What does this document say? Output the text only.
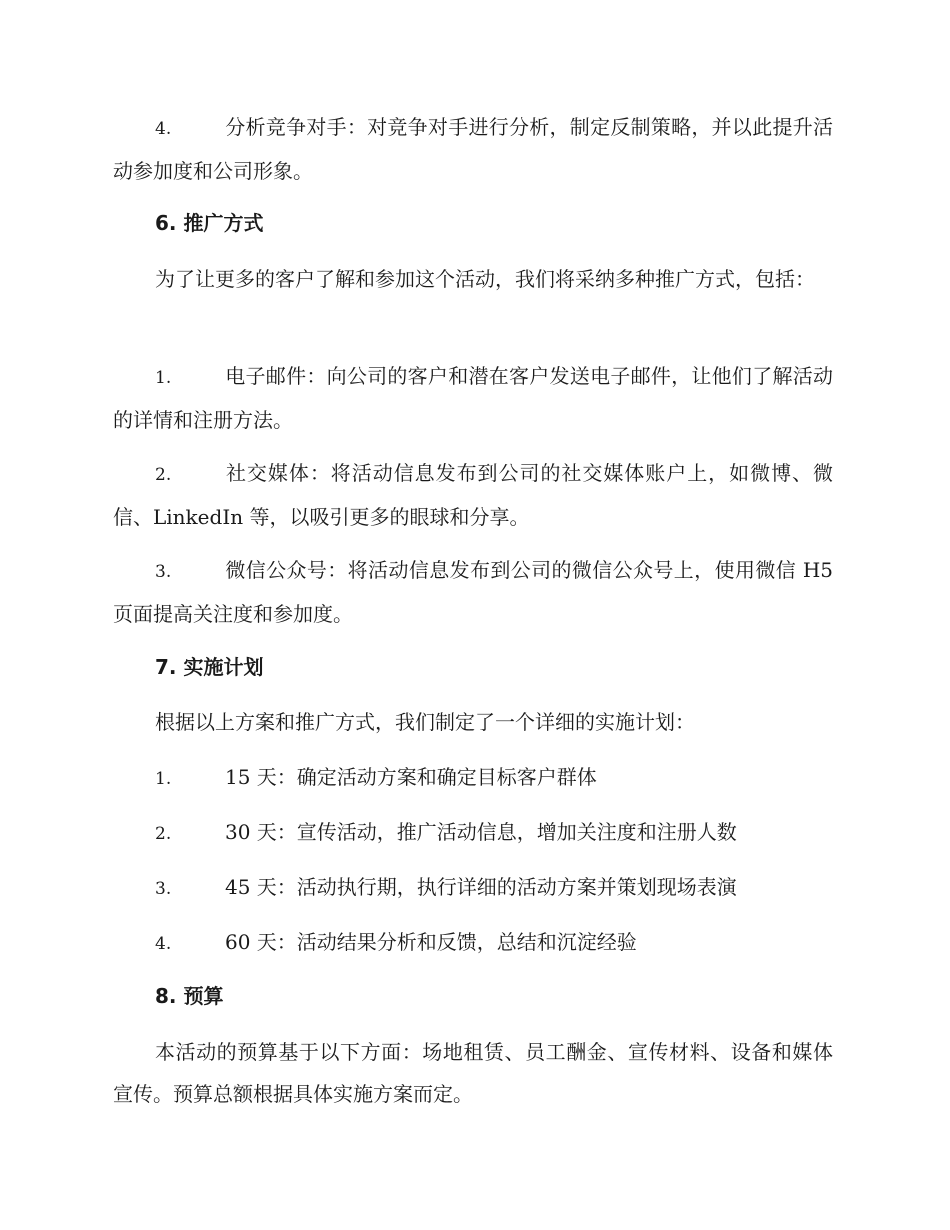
4.	分析竞争对手：对竞争对手进行分析，制定反制策略，并以此提升活动参加度和公司形象。
6. 推广方式
为了让更多的客户了解和参加这个活动，我们将采纳多种推广方式，包括：
1.	电子邮件：向公司的客户和潜在客户发送电子邮件，让他们了解活动的详情和注册方法。
2.	社交媒体：将活动信息发布到公司的社交媒体账户上，如微博、微信、LinkedIn 等，以吸引更多的眼球和分享。
3.	微信公众号：将活动信息发布到公司的微信公众号上，使用微信 H5 页面提高关注度和参加度。
7. 实施计划
根据以上方案和推广方式，我们制定了一个详细的实施计划：
1.	15 天：确定活动方案和确定目标客户群体
2.	30 天：宣传活动，推广活动信息，增加关注度和注册人数
3.	45 天：活动执行期，执行详细的活动方案并策划现场表演
4.	60 天：活动结果分析和反馈，总结和沉淀经验
8. 预算
本活动的预算基于以下方面：场地租赁、员工酬金、宣传材料、设备和媒体宣传。预算总额根据具体实施方案而定。
